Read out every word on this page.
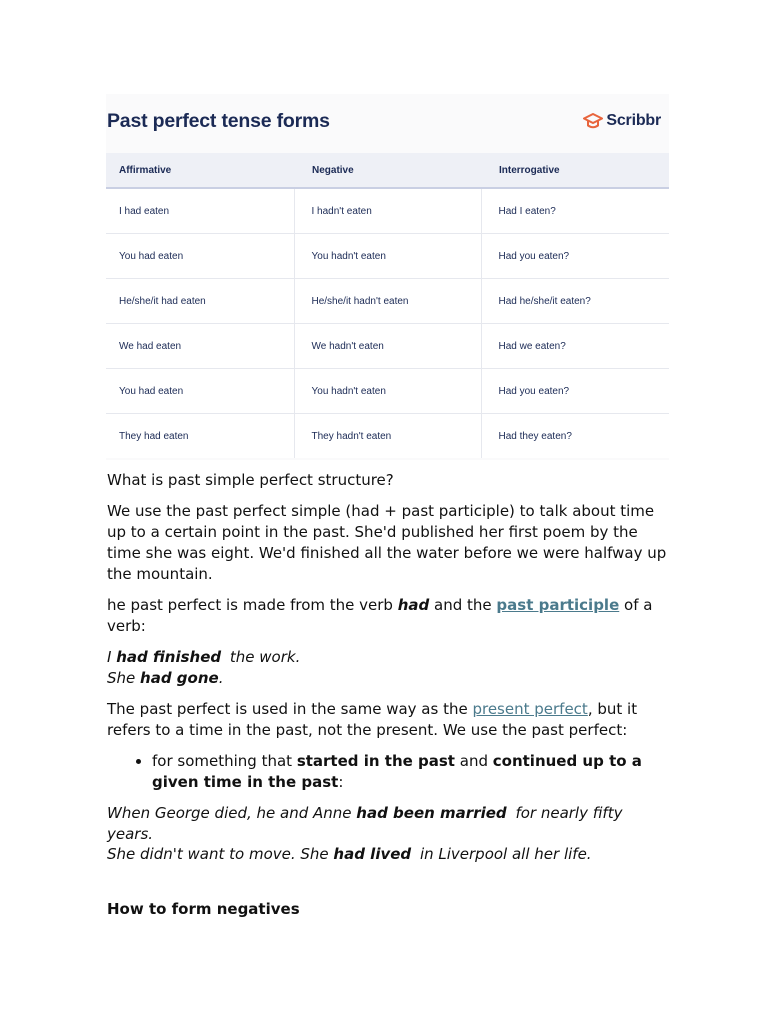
Past perfect tense forms	Scribbr
Affirmative	Negative	Interrogative
I had eaten	I hadn't eaten	Had I eaten?
You had eaten	You hadn't eaten	Had you eaten?
He/she/it had eaten	He/she/it hadn't eaten	Had he/she/it eaten?
We had eaten	We hadn't eaten	Had we eaten?
You had eaten	You hadn't eaten	Had you eaten?
They had eaten	They hadn't eaten	Had they eaten?

What is past simple perfect structure?

We use the past perfect simple (had + past participle) to talk about time up to a certain point in the past. She'd published her first poem by the time she was eight. We'd finished all the water before we were halfway up the mountain.

he past perfect is made from the verb had and the past participle of a verb:

I had finished the work.
She had gone.

The past perfect is used in the same way as the present perfect, but it refers to a time in the past, not the present. We use the past perfect:

• for something that started in the past and continued up to a given time in the past:

When George died, he and Anne had been married for nearly fifty years.
She didn't want to move. She had lived in Liverpool all her life.

How to form negatives
